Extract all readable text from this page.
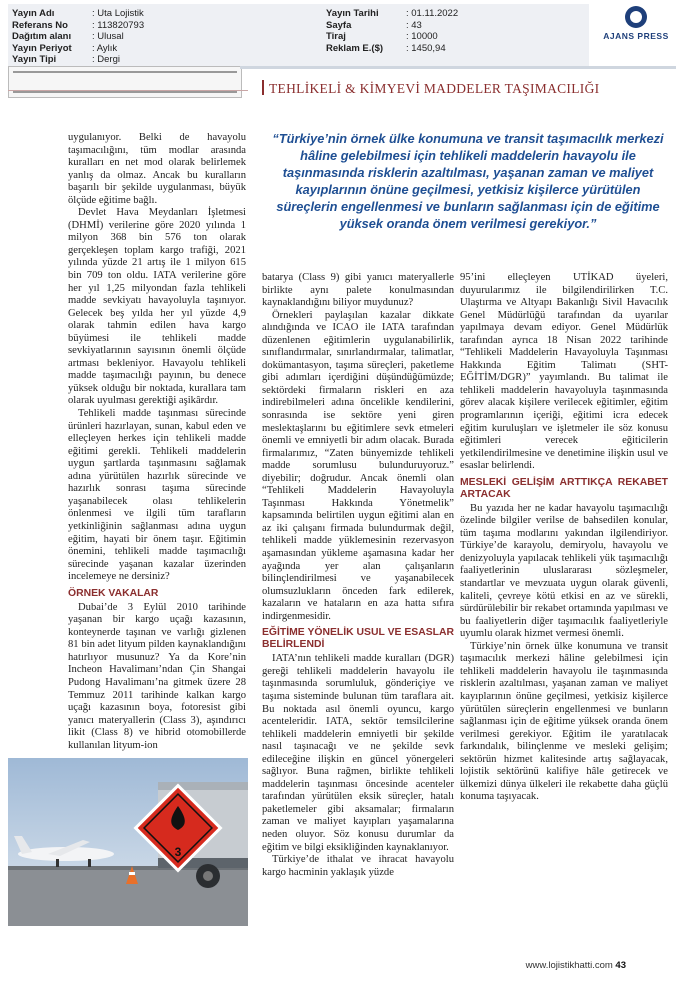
Yayın Adı	: Uta Lojistik
Referans No	: 113820793
Dağıtım alanı	: Ulusal
Yayın Periyot	: Aylık
Yayın Tipi	: Dergi
Yayın Tarihi	: 01.11.2022
Sayfa	: 43
Tiraj	: 10000
Reklam E.($)	: 1450,94
AJANS PRESS
TEHLİKELİ & KİMYEVİ MADDELER TAŞIMACILIĞI
“Türkiye’nin örnek ülke konumuna ve transit taşımacılık merkezi hâline gelebilmesi için tehlikeli maddelerin havayolu ile taşınmasında risklerin azaltılması, yaşanan zaman ve maliyet kayıplarının önüne geçilmesi, yetkisiz kişilerce yürütülen süreçlerin engellenmesi ve bunların sağlanması için de eğitime yüksek oranda önem verilmesi gerekiyor.”

uygulanıyor. Belki de havayolu taşımacılığını, tüm modlar arasında kuralları en net mod olarak belirlemek yanlış da olmaz. Ancak bu kuralların başarılı bir şekilde uygulanması, büyük ölçüde eğitime bağlı.

Devlet Hava Meydanları İşletmesi (DHMİ) verilerine göre 2020 yılında 1 milyon 368 bin 576 ton olarak gerçekleşen toplam kargo trafiği, 2021 yılında yüzde 21 artış ile 1 milyon 615 bin 709 ton oldu. IATA verilerine göre her yıl 1,25 milyondan fazla tehlikeli madde sevkiyatı havayoluyla taşınıyor. Gelecek beş yılda her yıl yüzde 4,9 olarak tahmin edilen hava kargo büyümesi ile tehlikeli madde sevkiyatlarının sayısının önemli ölçüde artması bekleniyor. Havayolu tehlikeli madde taşımacılığı payının, bu denece yüksek olduğu bir noktada, kurallara tam olarak uyulması gerektiği aşikârdır.

Tehlikeli madde taşınması sürecinde ürünleri hazırlayan, sunan, kabul eden ve elleçleyen herkes için tehlikeli madde eğitimi gerekli. Tehlikeli maddelerin uygun şartlarda taşınmasını sağlamak adına yürütülen hazırlık sürecinde ve hazırlık sonrası taşıma sürecinde yaşanabilecek olası tehlikelerin önlenmesi ve ilgili tüm tarafların yetkinliğinin sağlanması adına uygun eğitim, hayati bir önem taşır. Eğitimin önemini, tehlikeli madde taşımacılığı sürecinde yaşanan kazalar üzerinden incelemeye ne dersiniz?

ÖRNEK VAKALAR

Dubai’de 3 Eylül 2010 tarihinde yaşanan bir kargo uçağı kazasının, konteynerde taşınan ve varlığı gizlenen 81 bin adet lityum pilden kaynaklandığını hatırlıyor musunuz? Ya da Kore’nin Incheon Havalimanı’ndan Çin Shangai Pudong Havalimanı’na gitmek üzere 28 Temmuz 2011 tarihinde kalkan kargo uçağı kazasının boya, fotoresist gibi yanıcı materyallerin (Class 3), aşındırıcı likit (Class 8) ve hibrid otomobillerde kullanılan lityum-ion

3

batarya (Class 9) gibi yanıcı materyallerle birlikte aynı palete konulmasından kaynaklandığını biliyor muydunuz?

Örnekleri paylaşılan kazalar dikkate alındığında ve ICAO ile IATA tarafından düzenlenen eğitimlerin uygulanabilirlik, sınıflandırmalar, sınırlandırmalar, talimatlar, dokümantasyon, taşıma süreçleri, paketleme gibi adımları içerdiğini düşündüğümüzde; sektördeki firmaların riskleri en aza indirebilmeleri adına öncelikle kendilerini, sonrasında ise sektöre yeni giren meslektaşlarını bu eğitimlere sevk etmeleri önemli ve emniyetli bir adım olacak. Burada firmalarımız, “Zaten bünyemizde tehlikeli madde sorumlusu bulunduruyoruz.” diyebilir; doğrudur. Ancak önemli olan “Tehlikeli Maddelerin Havayoluyla Taşınması Hakkında Yönetmelik” kapsamında belirtilen uygun eğitimi alan en az iki çalışanı firmada bulundurmak değil, tehlikeli madde yüklemesinin rezervasyon aşamasından yükleme aşamasına kadar her ayağında yer alan çalışanların bilinçlendirilmesi ve yaşanabilecek olumsuzlukların önceden fark edilerek, kazaların ve hataların en aza hatta sıfıra indirgenmesidir.

EĞİTİME YÖNELİK USUL VE ESASLAR BELİRLENDİ

IATA’nın tehlikeli madde kuralları (DGR) gereği tehlikeli maddelerin havayolu ile taşınmasında sorumluluk, gönderiçiye ve taşıma sisteminde bulunan tüm taraflara ait. Bu noktada asıl önemli oyuncu, kargo acenteleridir. IATA, sektör temsilcilerine tehlikeli maddelerin emniyetli bir şekilde nasıl taşınacağı ve ne şekilde sevk edileceğine ilişkin en güncel yönergeleri sağlıyor. Buna rağmen, birlikte tehlikeli maddelerin taşınması öncesinde acenteler tarafından yürütülen eksik süreçler, hatalı paketlemeler gibi aksamalar; firmaların zaman ve maliyet kayıpları yaşamalarına neden oluyor. Söz konusu durumlar da eğitim ve bilgi eksikliğinden kaynaklanıyor.

Türkiye’de ithalat ve ihracat havayolu kargo hacminin yaklaşık yüzde

95’ini elleçleyen UTİKAD üyeleri, duyurularımız ile bilgilendirilirken T.C. Ulaştırma ve Altyapı Bakanlığı Sivil Havacılık Genel Müdürlüğü tarafından da uyarılar yapılmaya devam ediyor. Genel Müdürlük tarafından ayrıca 18 Nisan 2022 tarihinde “Tehlikeli Maddelerin Havayoluyla Taşınması Hakkında Eğitim Talimatı (SHT-EĞİTİM/DGR)” yayımlandı. Bu talimat ile tehlikeli maddelerin havayoluyla taşınmasında görev alacak kişilere verilecek eğitimler, eğitim programlarının içeriği, eğitimi icra edecek eğitim kuruluşları ve işletmeler ile söz konusu eğitimleri verecek eğiticilerin yetkilendirilmesine ve denetimine ilişkin usul ve esaslar belirlendi.

MESLEKİ GELİŞİM ARTTIKÇA REKABET ARTACAK

Bu yazıda her ne kadar havayolu taşımacılığı özelinde bilgiler verilse de bahsedilen konular, tüm taşıma modlarını yakından ilgilendiriyor. Türkiye’de karayolu, demiryolu, havayolu ve denizyoluyla yapılacak tehlikeli yük taşımacılığı faaliyetlerinin uluslararası sözleşmeler, standartlar ve mevzuata uygun olarak güvenli, kaliteli, çevreye kötü etkisi en az ve sürekli, sürdürülebilir bir rekabet ortamında yapılması ve bu faaliyetlerin diğer taşımacılık faaliyetleriyle uyumlu olarak hizmet vermesi önemli.

Türkiye’nin örnek ülke konumuna ve transit taşımacılık merkezi hâline gelebilmesi için tehlikeli maddelerin havayolu ile taşınmasında risklerin azaltılması, yaşanan zaman ve maliyet kayıplarının önüne geçilmesi, yetkisiz kişilerce yürütülen süreçlerin engellenmesi ve bunların sağlanması için de eğitime yüksek oranda önem verilmesi gerekiyor. Eğitim ile yaratılacak farkındalık, bilinçlenme ve mesleki gelişim; sektörün hizmet kalitesinde artış sağlayacak, lojistik sektörünü kalifiye hâle getirecek ve ülkemizi dünya ülkeleri ile rekabette daha güçlü konuma taşıyacak.

www.lojistikhatti.com 43
